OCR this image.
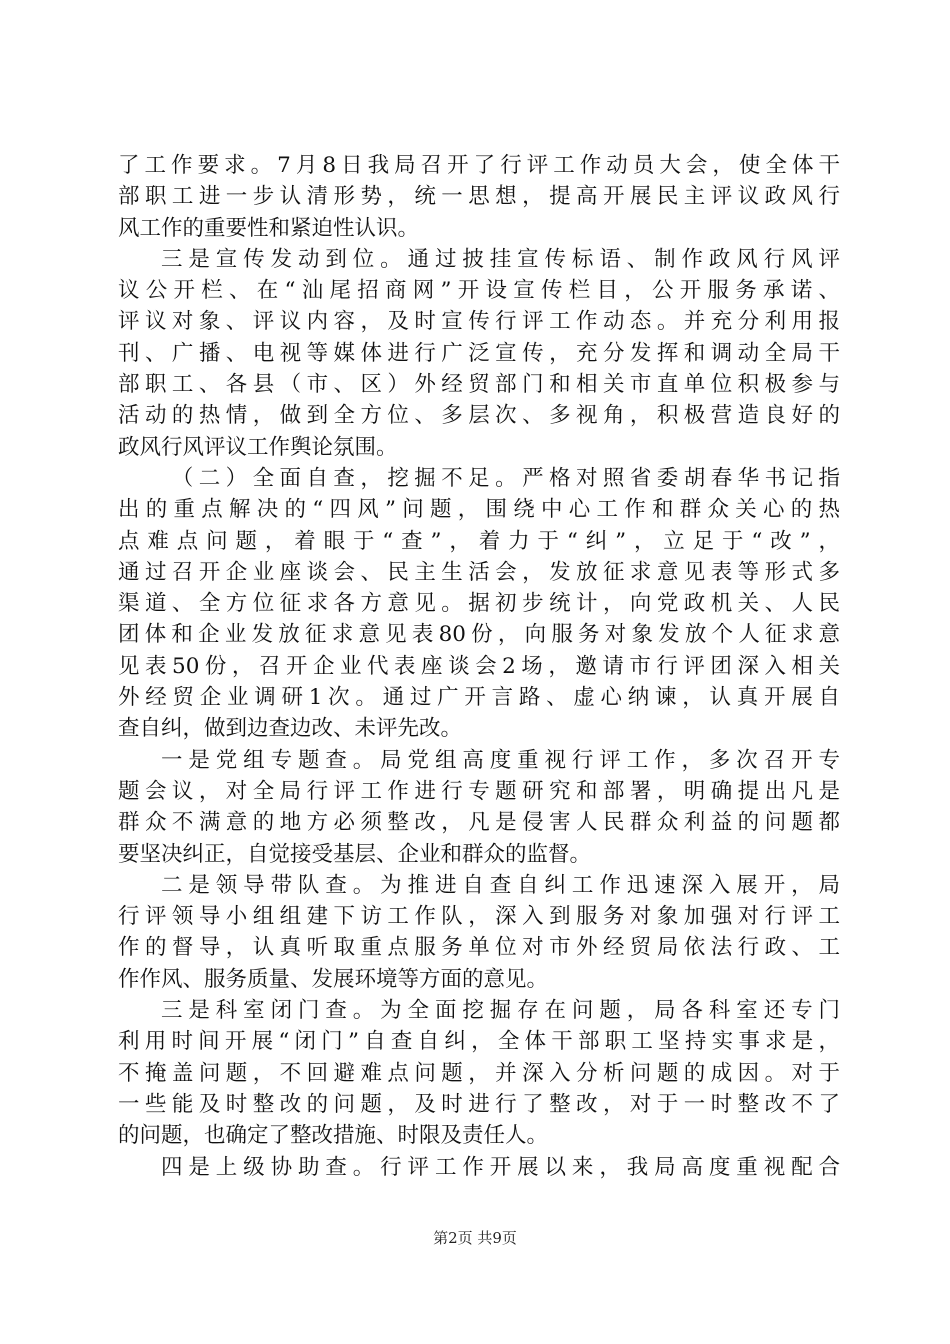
了工作要求。7月8日我局召开了行评工作动员大会，使全体干
部职工进一步认清形势，统一思想，提高开展民主评议政风行
风工作的重要性和紧迫性认识。
三是宣传发动到位。通过披挂宣传标语、制作政风行风评
议公开栏、在“汕尾招商网”开设宣传栏目，公开服务承诺、
评议对象、评议内容，及时宣传行评工作动态。并充分利用报
刊、广播、电视等媒体进行广泛宣传，充分发挥和调动全局干
部职工、各县（市、区）外经贸部门和相关市直单位积极参与
活动的热情，做到全方位、多层次、多视角，积极营造良好的
政风行风评议工作舆论氛围。
（二）全面自查，挖掘不足。严格对照省委胡春华书记指
出的重点解决的“四风”问题，围绕中心工作和群众关心的热
点难点问题，着眼于“查”，着力于“纠”，立足于“改”，
通过召开企业座谈会、民主生活会，发放征求意见表等形式多
渠道、全方位征求各方意见。据初步统计，向党政机关、人民
团体和企业发放征求意见表80份，向服务对象发放个人征求意
见表50份，召开企业代表座谈会2场，邀请市行评团深入相关
外经贸企业调研1次。通过广开言路、虚心纳谏，认真开展自
查自纠，做到边查边改、未评先改。
一是党组专题查。局党组高度重视行评工作，多次召开专
题会议，对全局行评工作进行专题研究和部署，明确提出凡是
群众不满意的地方必须整改，凡是侵害人民群众利益的问题都
要坚决纠正，自觉接受基层、企业和群众的监督。
二是领导带队查。为推进自查自纠工作迅速深入展开，局
行评领导小组组建下访工作队，深入到服务对象加强对行评工
作的督导，认真听取重点服务单位对市外经贸局依法行政、工
作作风、服务质量、发展环境等方面的意见。
三是科室闭门查。为全面挖掘存在问题，局各科室还专门
利用时间开展“闭门”自查自纠，全体干部职工坚持实事求是，
不掩盖问题，不回避难点问题，并深入分析问题的成因。对于
一些能及时整改的问题，及时进行了整改，对于一时整改不了
的问题，也确定了整改措施、时限及责任人。
四是上级协助查。行评工作开展以来，我局高度重视配合
第2页 共9页
